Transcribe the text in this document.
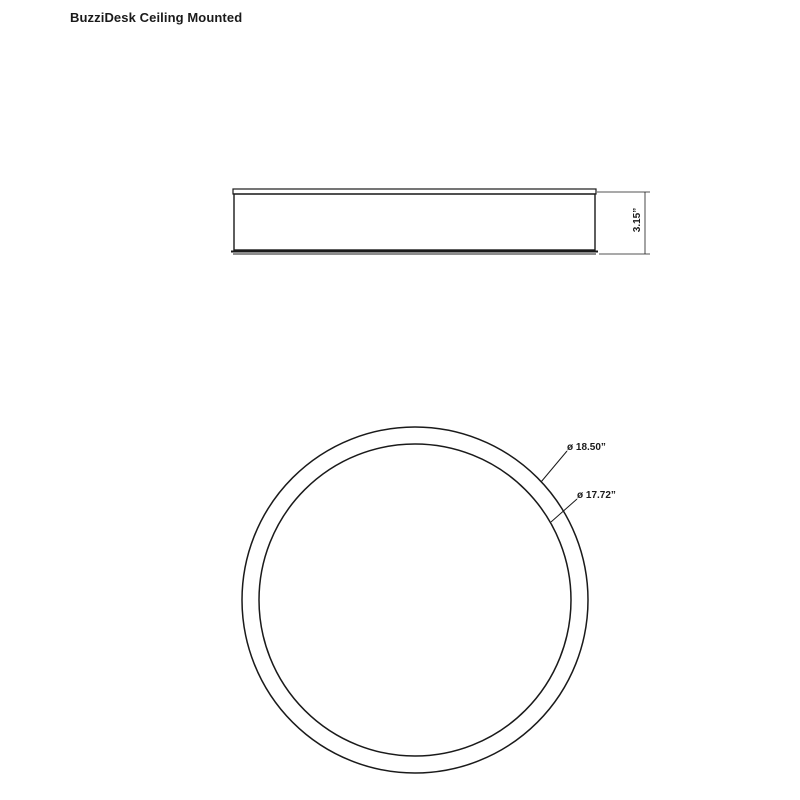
BuzziDesk Ceiling Mounted
3.15”
ø 18.50”
ø 17.72”
